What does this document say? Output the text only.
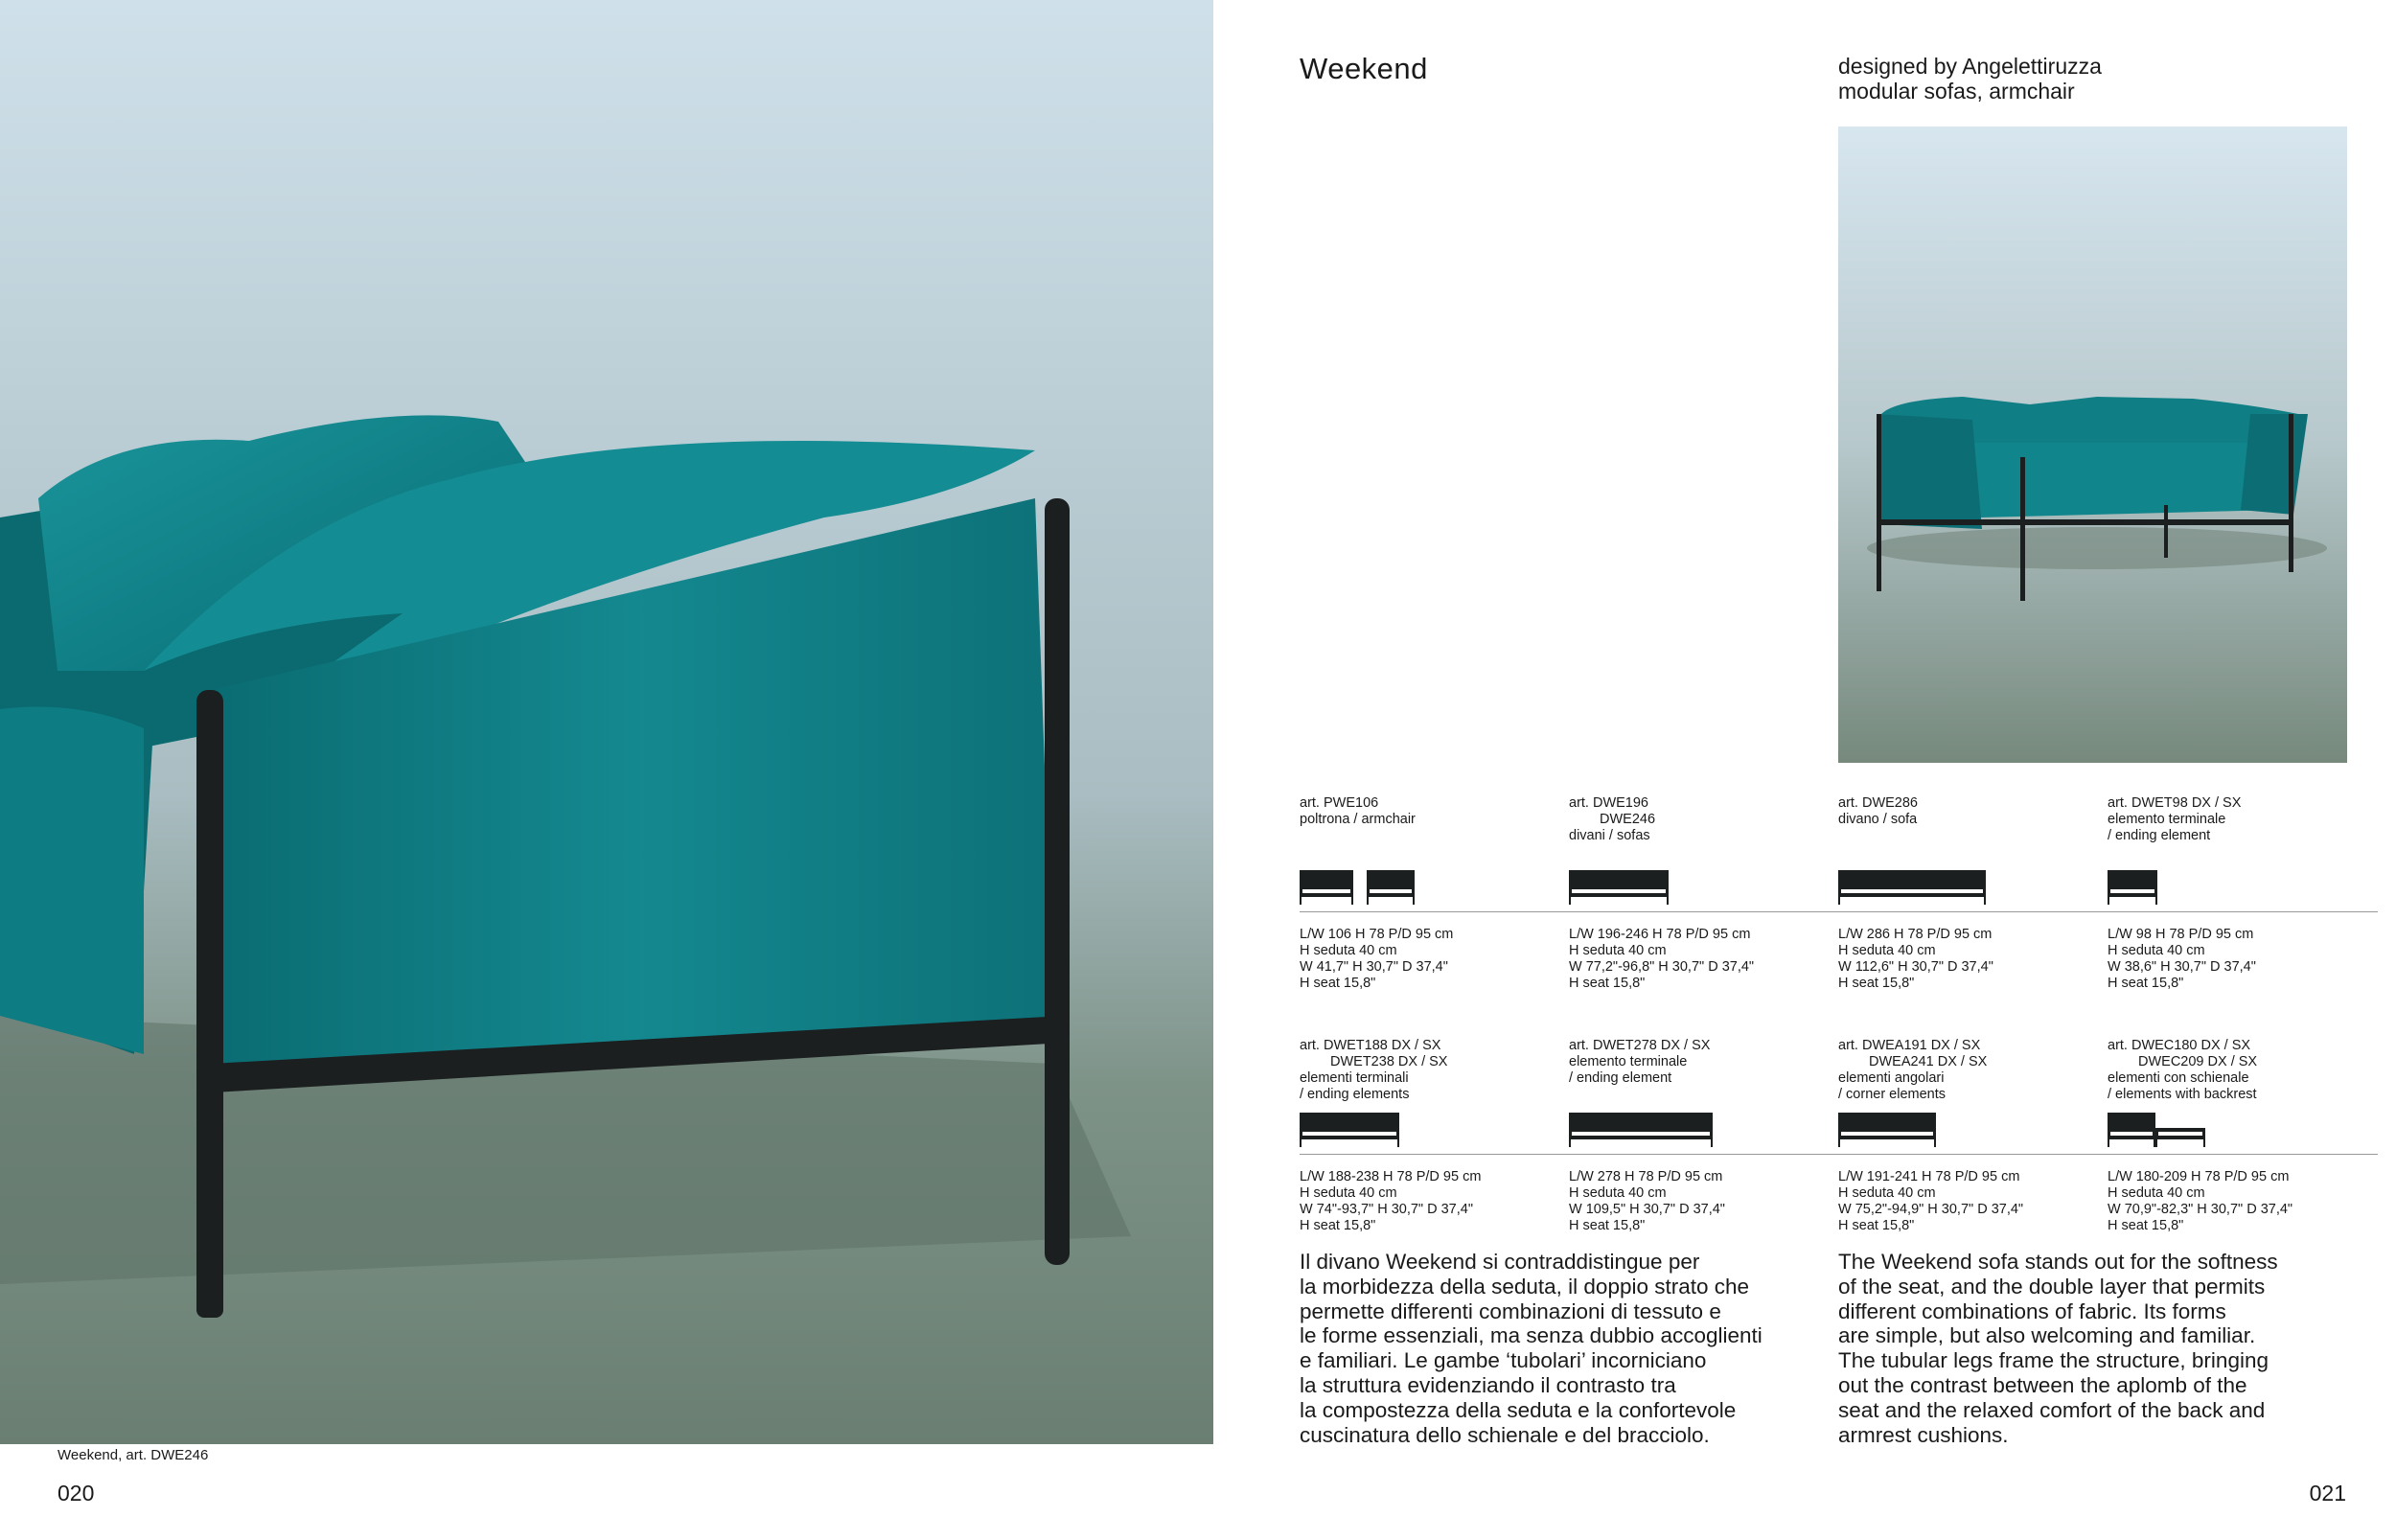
Weekend, art. DWE246
020
Weekend	designed by Angelettiruzza
modular sofas, armchair
art. PWE106
poltrona / armchair
L/W 106 H 78 P/D 95 cm
H seduta 40 cm
W 41,7" H 30,7" D 37,4"
H seat 15,8"
art. DWE196
DWE246
divani / sofas
L/W 196-246 H 78 P/D 95 cm
H seduta 40 cm
W 77,2"-96,8" H 30,7" D 37,4"
H seat 15,8"
art. DWE286
divano / sofa
L/W 286 H 78 P/D 95 cm
H seduta 40 cm
W 112,6" H 30,7" D 37,4"
H seat 15,8"
art. DWET98 DX / SX
elemento terminale
/ ending element
L/W 98 H 78 P/D 95 cm
H seduta 40 cm
W 38,6" H 30,7" D 37,4"
H seat 15,8"
art. DWET188 DX / SX
DWET238 DX / SX
elementi terminali
/ ending elements
L/W 188-238 H 78 P/D 95 cm
H seduta 40 cm
W 74"-93,7" H 30,7" D 37,4"
H seat 15,8"
art. DWET278 DX / SX
elemento terminale
/ ending element
L/W 278 H 78 P/D 95 cm
H seduta 40 cm
W 109,5" H 30,7" D 37,4"
H seat 15,8"
art. DWEA191 DX / SX
DWEA241 DX / SX
elementi angolari
/ corner elements
L/W 191-241 H 78 P/D 95 cm
H seduta 40 cm
W 75,2"-94,9" H 30,7" D 37,4"
H seat 15,8"
art. DWEC180 DX / SX
DWEC209 DX / SX
elementi con schienale
/ elements with backrest
L/W 180-209 H 78 P/D 95 cm
H seduta 40 cm
W 70,9"-82,3" H 30,7" D 37,4"
H seat 15,8"
Il divano Weekend si contraddistingue per
la morbidezza della seduta, il doppio strato che
permette differenti combinazioni di tessuto e
le forme essenziali, ma senza dubbio accoglienti
e familiari. Le gambe ‘tubolari’ incorniciano
la struttura evidenziando il contrasto tra
la compostezza della seduta e la confortevole
cuscinatura dello schienale e del bracciolo.
The Weekend sofa stands out for the softness
of the seat, and the double layer that permits
different combinations of fabric. Its forms
are simple, but also welcoming and familiar.
The tubular legs frame the structure, bringing
out the contrast between the aplomb of the
seat and the relaxed comfort of the back and
armrest cushions.
021
